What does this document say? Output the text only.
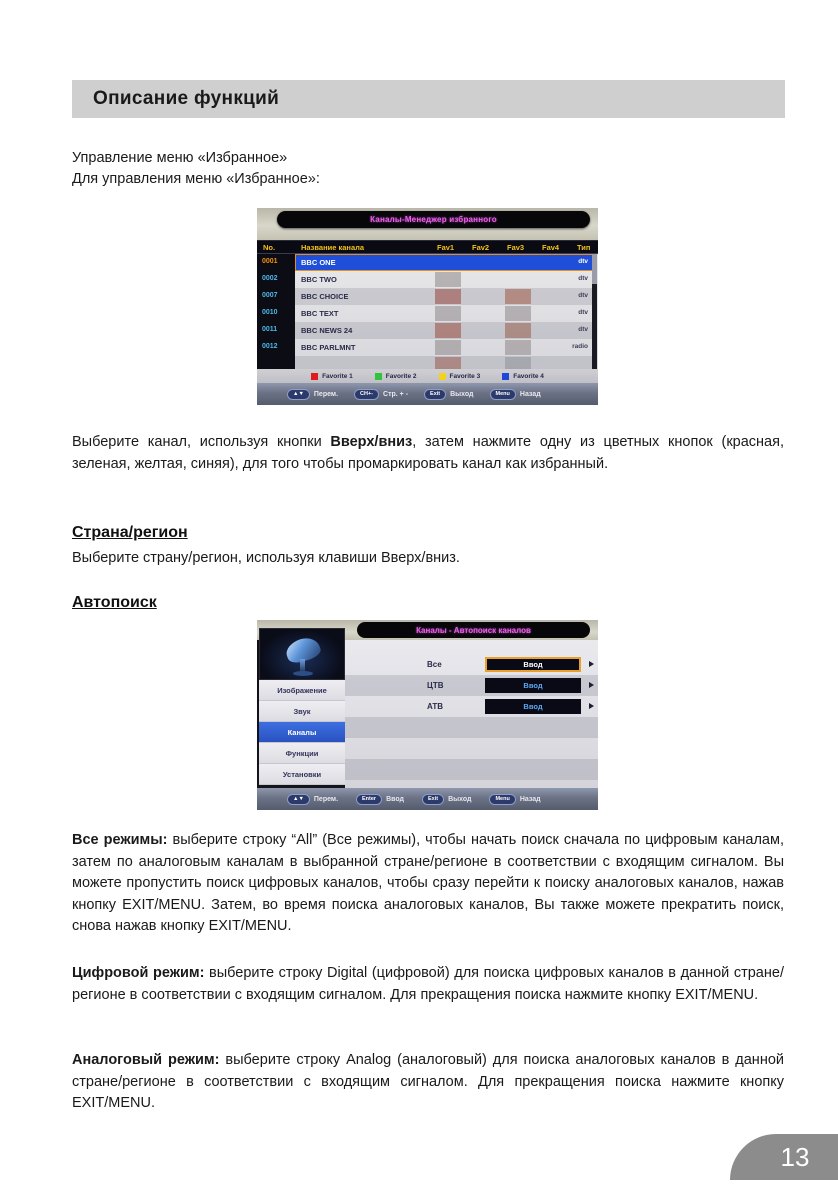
Описание функций
Управление меню «Избранное»
Для управления меню «Избранное»:
Каналы-Менеджер избранного
No.	Название канала	Fav1 Fav2 Fav3 Fav4 Тип
0001	BBC ONE	dtv
0002	BBC TWO	dtv
0007	BBC CHOICE	dtv
0010	BBC TEXT	dtv
0011	BBC NEWS 24	dtv
0012	BBC PARLMNT	radio
Favorite 1	Favorite 2	Favorite 3	Favorite 4
▲▼	Перем.	CH+-	Стр. + -	Exit	Выход	Menu	Назад
Выберите канал, используя кнопки Вверх/вниз, затем нажмите одну из цветных кнопок (красная, зеленая, желтая, синяя), для того чтобы промаркировать канал как избранный.
Страна/регион
Выберите страну/регион, используя клавиши Вверх/вниз.
Автопоиск
Каналы - Автопоиск каналов
Изображение
Звук
Каналы
Функции
Установки
Все	Ввод
ЦТВ	Ввод
АТВ	Ввод
▲▼	Перем.	Enter	Ввод	Exit	Выход	Menu	Назад
Все режимы: выберите строку “All” (Все режимы), чтобы начать поиск сначала по цифровым каналам, затем по аналоговым каналам в выбранной стране/регионе в соответствии с входящим сигналом. Вы можете пропустить поиск цифровых каналов, чтобы сразу перейти к поиску аналоговых каналов, нажав кнопку EXIT/MENU. Затем, во время поиска аналоговых каналов, Вы также можете прекратить поиск, снова нажав кнопку EXIT/MENU.
Цифровой режим: выберите строку Digital (цифровой) для поиска цифровых каналов в данной стране/регионе в соответствии с входящим сигналом. Для прекращения поиска нажмите кнопку EXIT/MENU.
Аналоговый режим: выберите строку Analog (аналоговый) для поиска аналоговых каналов в данной стране/регионе в соответствии с входящим сигналом. Для прекращения поиска нажмите кнопку EXIT/MENU.
13
